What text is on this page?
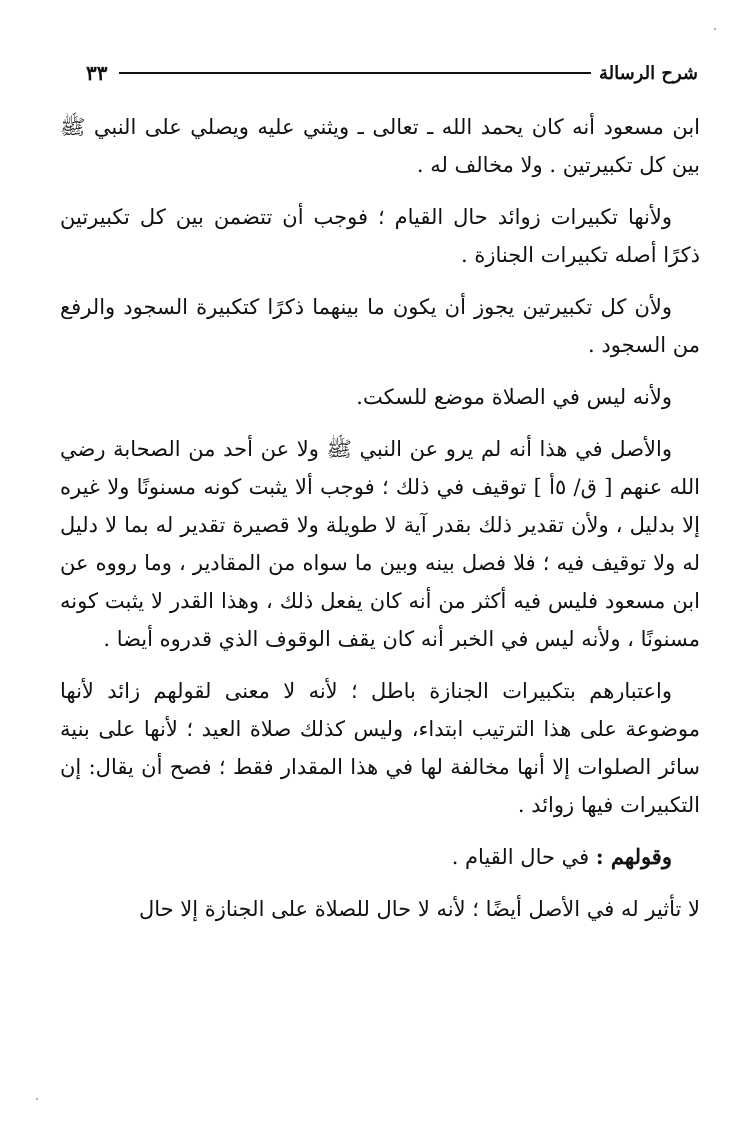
شرح الرسالة
٣٣

ابن مسعود أنه كان يحمد الله ـ تعالى ـ ويثني عليه ويصلي على النبي ﷺ بين كل تكبيرتين . ولا مخالف له .

ولأنها تكبيرات زوائد حال القيام ؛ فوجب أن تتضمن بين كل تكبيرتين ذكرًا أصله تكبيرات الجنازة .

ولأن كل تكبيرتين يجوز أن يكون ما بينهما ذكرًا كتكبيرة السجود والرفع من السجود .

ولأنه ليس في الصلاة موضع للسكت.

والأصل في هذا أنه لم يرو عن النبي ﷺ ولا عن أحد من الصحابة رضي الله عنهم [ ق/ ٥أ ] توقيف في ذلك ؛ فوجب ألا يثبت كونه مسنونًا ولا غيره إلا بدليل ، ولأن تقدير ذلك بقدر آية لا طويلة ولا قصيرة تقدير له بما لا دليل له ولا توقيف فيه ؛ فلا فصل بينه وبين ما سواه من المقادير ، وما رووه عن ابن مسعود فليس فيه أكثر من أنه كان يفعل ذلك ، وهذا القدر لا يثبت كونه مسنونًا ، ولأنه ليس في الخبر أنه كان يقف الوقوف الذي قدروه أيضا .

واعتبارهم بتكبيرات الجنازة باطل ؛ لأنه لا معنى لقولهم زائد لأنها موضوعة على هذا الترتيب ابتداء، وليس كذلك صلاة العيد ؛ لأنها على بنية سائر الصلوات إلا أنها مخالفة لها في هذا المقدار فقط ؛ فصح أن يقال: إن التكبيرات فيها زوائد .

وقولهم : في حال القيام .

لا تأثير له في الأصل أيضًا ؛ لأنه لا حال للصلاة على الجنازة إلا حال
